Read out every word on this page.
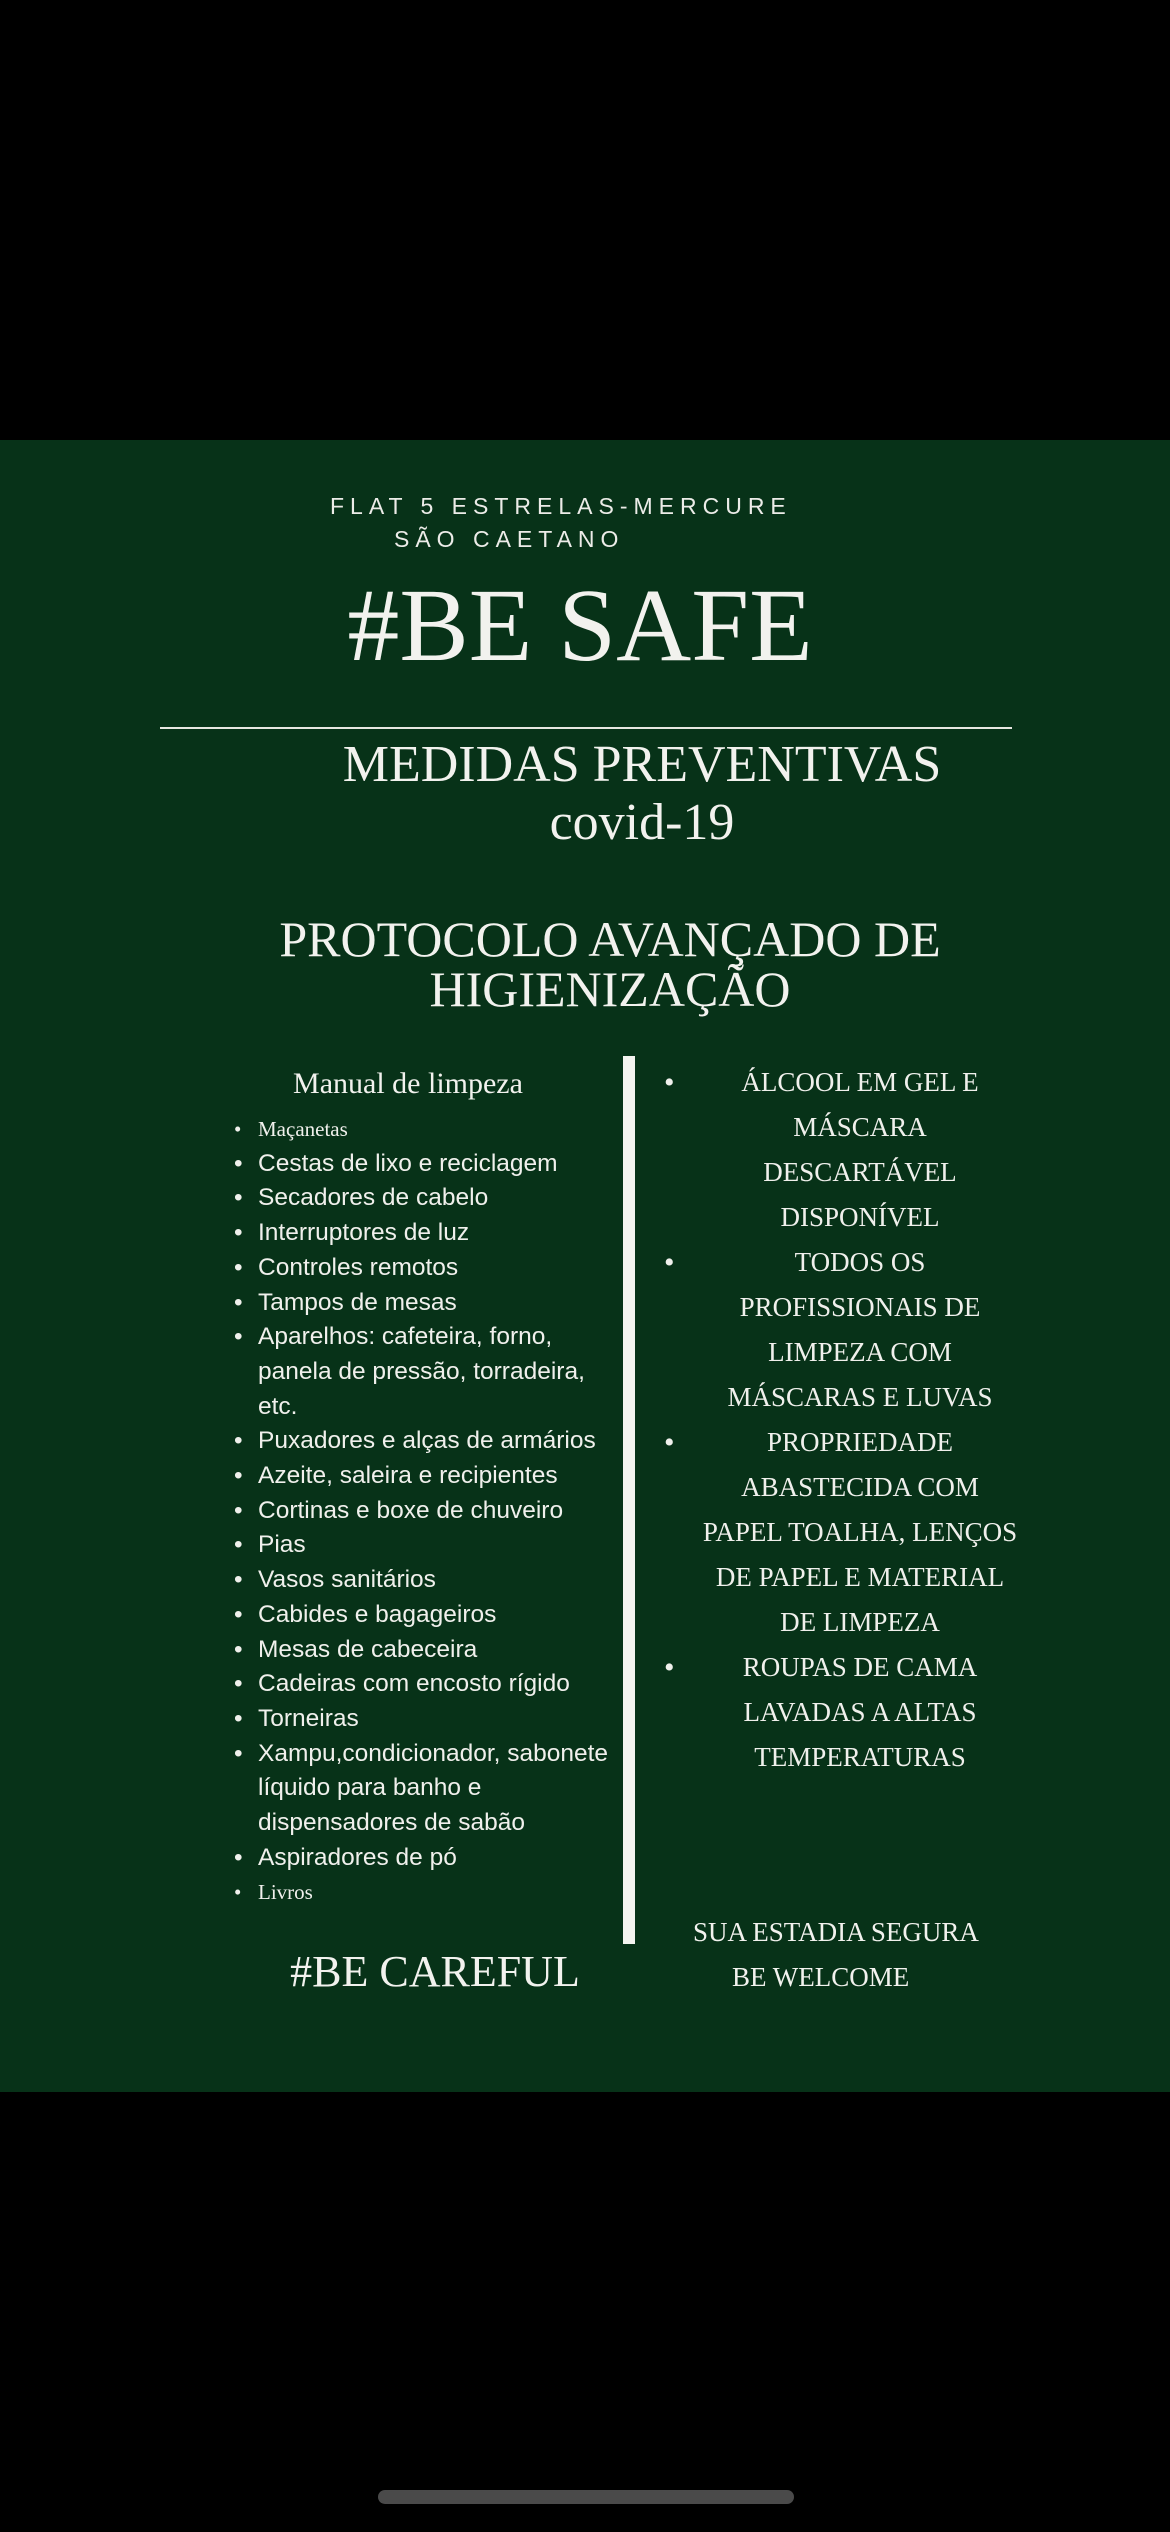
FLAT 5 ESTRELAS-MERCURE
SÃO CAETANO

#BE SAFE
MEDIDAS PREVENTIVAS
covid-19
PROTOCOLO AVANÇADO DE
HIGIENIZAÇÃO
Manual de limpeza
• Maçanetas
• Cestas de lixo e reciclagem
• Secadores de cabelo
• Interruptores de luz
• Controles remotos
• Tampos de mesas
• Aparelhos: cafeteira, forno, panela de pressão, torradeira, etc.
• Puxadores e alças de armários
• Azeite, saleira e recipientes
• Cortinas e boxe de chuveiro
• Pias
• Vasos sanitários
• Cabides e bagageiros
• Mesas de cabeceira
• Cadeiras com encosto rígido
• Torneiras
• Xampu,condicionador, sabonete líquido para banho e dispensadores de sabão
• Aspiradores de pó
• Livros
• ÁLCOOL EM GEL E MÁSCARA DESCARTÁVEL DISPONÍVEL
• TODOS OS PROFISSIONAIS DE LIMPEZA COM MÁSCARAS E LUVAS
• PROPRIEDADE ABASTECIDA COM PAPEL TOALHA, LENÇOS DE PAPEL E MATERIAL DE LIMPEZA
• ROUPAS DE CAMA LAVADAS A ALTAS TEMPERATURAS
SUA ESTADIA SEGURA
BE WELCOME

#BE CAREFUL
